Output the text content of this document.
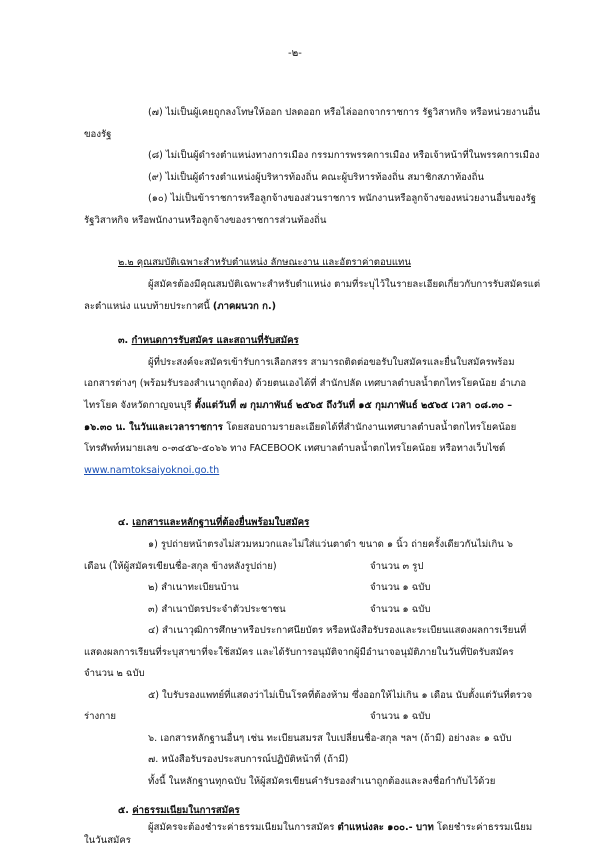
-๒-
(๗) ไม่เป็นผู้เคยถูกลงโทษให้ออก ปลดออก หรือไล่ออกจากราชการ รัฐวิสาหกิจ หรือหน่วยงานอื่น
ของรัฐ
(๘) ไม่เป็นผู้ดำรงตำแหน่งทางการเมือง กรรมการพรรคการเมือง หรือเจ้าหน้าที่ในพรรคการเมือง
(๙) ไม่เป็นผู้ดำรงตำแหน่งผู้บริหารท้องถิ่น คณะผู้บริหารท้องถิ่น สมาชิกสภาท้องถิ่น
(๑๐) ไม่เป็นข้าราชการหรือลูกจ้างของส่วนราชการ พนักงานหรือลูกจ้างของหน่วยงานอื่นของรัฐ
รัฐวิสาหกิจ หรือพนักงานหรือลูกจ้างของราชการส่วนท้องถิ่น
๒.๒ คุณสมบัติเฉพาะสำหรับตำแหน่ง ลักษณะงาน และอัตราค่าตอบแทน
ผู้สมัครต้องมีคุณสมบัติเฉพาะสำหรับตำแหน่ง ตามที่ระบุไว้ในรายละเอียดเกี่ยวกับการรับสมัครแต่
ละตำแหน่ง แนบท้ายประกาศนี้ (ภาคผนวก ก.)
๓. กำหนดการรับสมัคร และสถานที่รับสมัคร
ผู้ที่ประสงค์จะสมัครเข้ารับการเลือกสรร สามารถติดต่อขอรับใบสมัครและยื่นใบสมัครพร้อม
เอกสารต่างๆ (พร้อมรับรองสำเนาถูกต้อง) ด้วยตนเองได้ที่ สำนักปลัด เทศบาลตำบลน้ำตกไทรโยคน้อย อำเภอ
ไทรโยค จังหวัดกาญจนบุรี ตั้งแต่วันที่ ๗ กุมภาพันธ์ ๒๕๖๕ ถึงวันที่ ๑๕ กุมภาพันธ์ ๒๕๖๕ เวลา ๐๘.๓๐ –
๑๖.๓๐ น. ในวันและเวลาราชการ โดยสอบถามรายละเอียดได้ที่สำนักงานเทศบาลตำบลน้ำตกไทรโยคน้อย
โทรศัพท์หมายเลข ๐-๓๔๕๖-๕๐๖๖ ทาง FACEBOOK เทศบาลตำบลน้ำตกไทรโยคน้อย หรือทางเว็บไซต์
www.namtoksaiyoknoi.go.th
๔. เอกสารและหลักฐานที่ต้องยื่นพร้อมใบสมัคร
๑) รูปถ่ายหน้าตรงไม่สวมหมวกและไม่ใส่แว่นตาดำ ขนาด ๑ นิ้ว ถ่ายครั้งเดียวกันไม่เกิน ๖
เดือน (ให้ผู้สมัครเขียนชื่อ-สกุล ข้างหลังรูปถ่าย)	จำนวน ๓ รูป
๒) สำเนาทะเบียนบ้าน	จำนวน ๑ ฉบับ
๓) สำเนาบัตรประจำตัวประชาชน	จำนวน ๑ ฉบับ
๔) สำเนาวุฒิการศึกษาหรือประกาศนียบัตร หรือหนังสือรับรองและระเบียนแสดงผลการเรียนที่
แสดงผลการเรียนที่ระบุสาขาที่จะใช้สมัคร และได้รับการอนุมัติจากผู้มีอำนาจอนุมัติภายในวันที่ปิดรับสมัคร
จำนวน ๒ ฉบับ
๕) ใบรับรองแพทย์ที่แสดงว่าไม่เป็นโรคที่ต้องห้าม ซึ่งออกให้ไม่เกิน ๑ เดือน นับตั้งแต่วันที่ตรวจ
ร่างกาย	จำนวน ๑ ฉบับ
๖. เอกสารหลักฐานอื่นๆ เช่น ทะเบียนสมรส ใบเปลี่ยนชื่อ-สกุล ฯลฯ (ถ้ามี) อย่างละ ๑ ฉบับ
๗. หนังสือรับรองประสบการณ์ปฏิบัติหน้าที่ (ถ้ามี)
ทั้งนี้ ในหลักฐานทุกฉบับ ให้ผู้สมัครเขียนคำรับรองสำเนาถูกต้องและลงชื่อกำกับไว้ด้วย
๕. ค่าธรรมเนียมในการสมัคร
ผู้สมัครจะต้องชำระค่าธรรมเนียมในการสมัคร ตำแหน่งละ ๑๐๐.- บาท โดยชำระค่าธรรมเนียม
ในวันสมัคร
